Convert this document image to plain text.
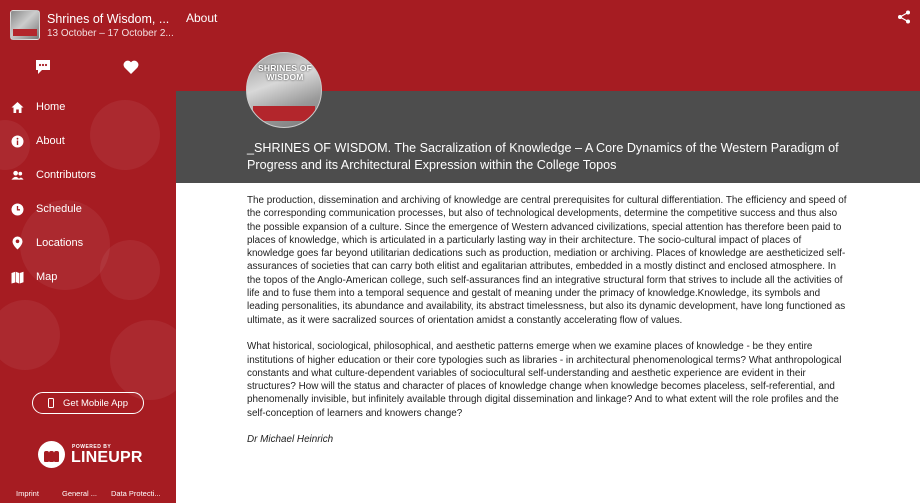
Shrines of Wisdom, ...
13 October – 17 October 2...
Home
About
Contributors
Schedule
Locations
Map
Get Mobile App
POWERED BY
LINEUPR
Imprint	General ...	Data Protecti...
About
_SHRINES OF WISDOM. The Sacralization of Knowledge – A Core Dynamics of the Western Paradigm of Progress and its Architectural Expression within the College Topos
SHRINES OF WISDOM

The production, dissemination and archiving of knowledge are central prerequisites for cultural differentiation. The efficiency and speed of the corresponding communication processes, but also of technological developments, determine the competitive success and thus also the possible expansion of a culture. Since the emergence of Western advanced civilizations, special attention has therefore been paid to places of knowledge, which is articulated in a particularly lasting way in their architecture. The socio-cultural impact of places of knowledge goes far beyond utilitarian dedications such as production, mediation or archiving. Places of knowledge are aestheticized self-assurances of societies that can carry both elitist and egalitarian attributes, embedded in a mostly distinct and enclosed atmosphere. In the topos of the Anglo-American college, such self-assurances find an integrative structural form that strives to include all the activities of life and to fuse them into a temporal sequence and gestalt of meaning under the primacy of knowledge.Knowledge, its symbols and leading personalities, its abundance and availability, its abstract timelessness, but also its dynamic development, have long functioned as ultimate, as it were sacralized sources of orientation amidst a constantly accelerating flow of values.

What historical, sociological, philosophical, and aesthetic patterns emerge when we examine places of knowledge - be they entire institutions of higher education or their core typologies such as libraries - in architectural phenomenological terms? What anthropological constants and what culture-dependent variables of sociocultural self-understanding and aesthetic experience are evident in their structures? How will the status and character of places of knowledge change when knowledge becomes placeless, self-referential, and phenomenally invisible, but infinitely available through digital dissemination and linkage? And to what extent will the role profiles and the self-conception of learners and knowers change?

Dr Michael Heinrich
